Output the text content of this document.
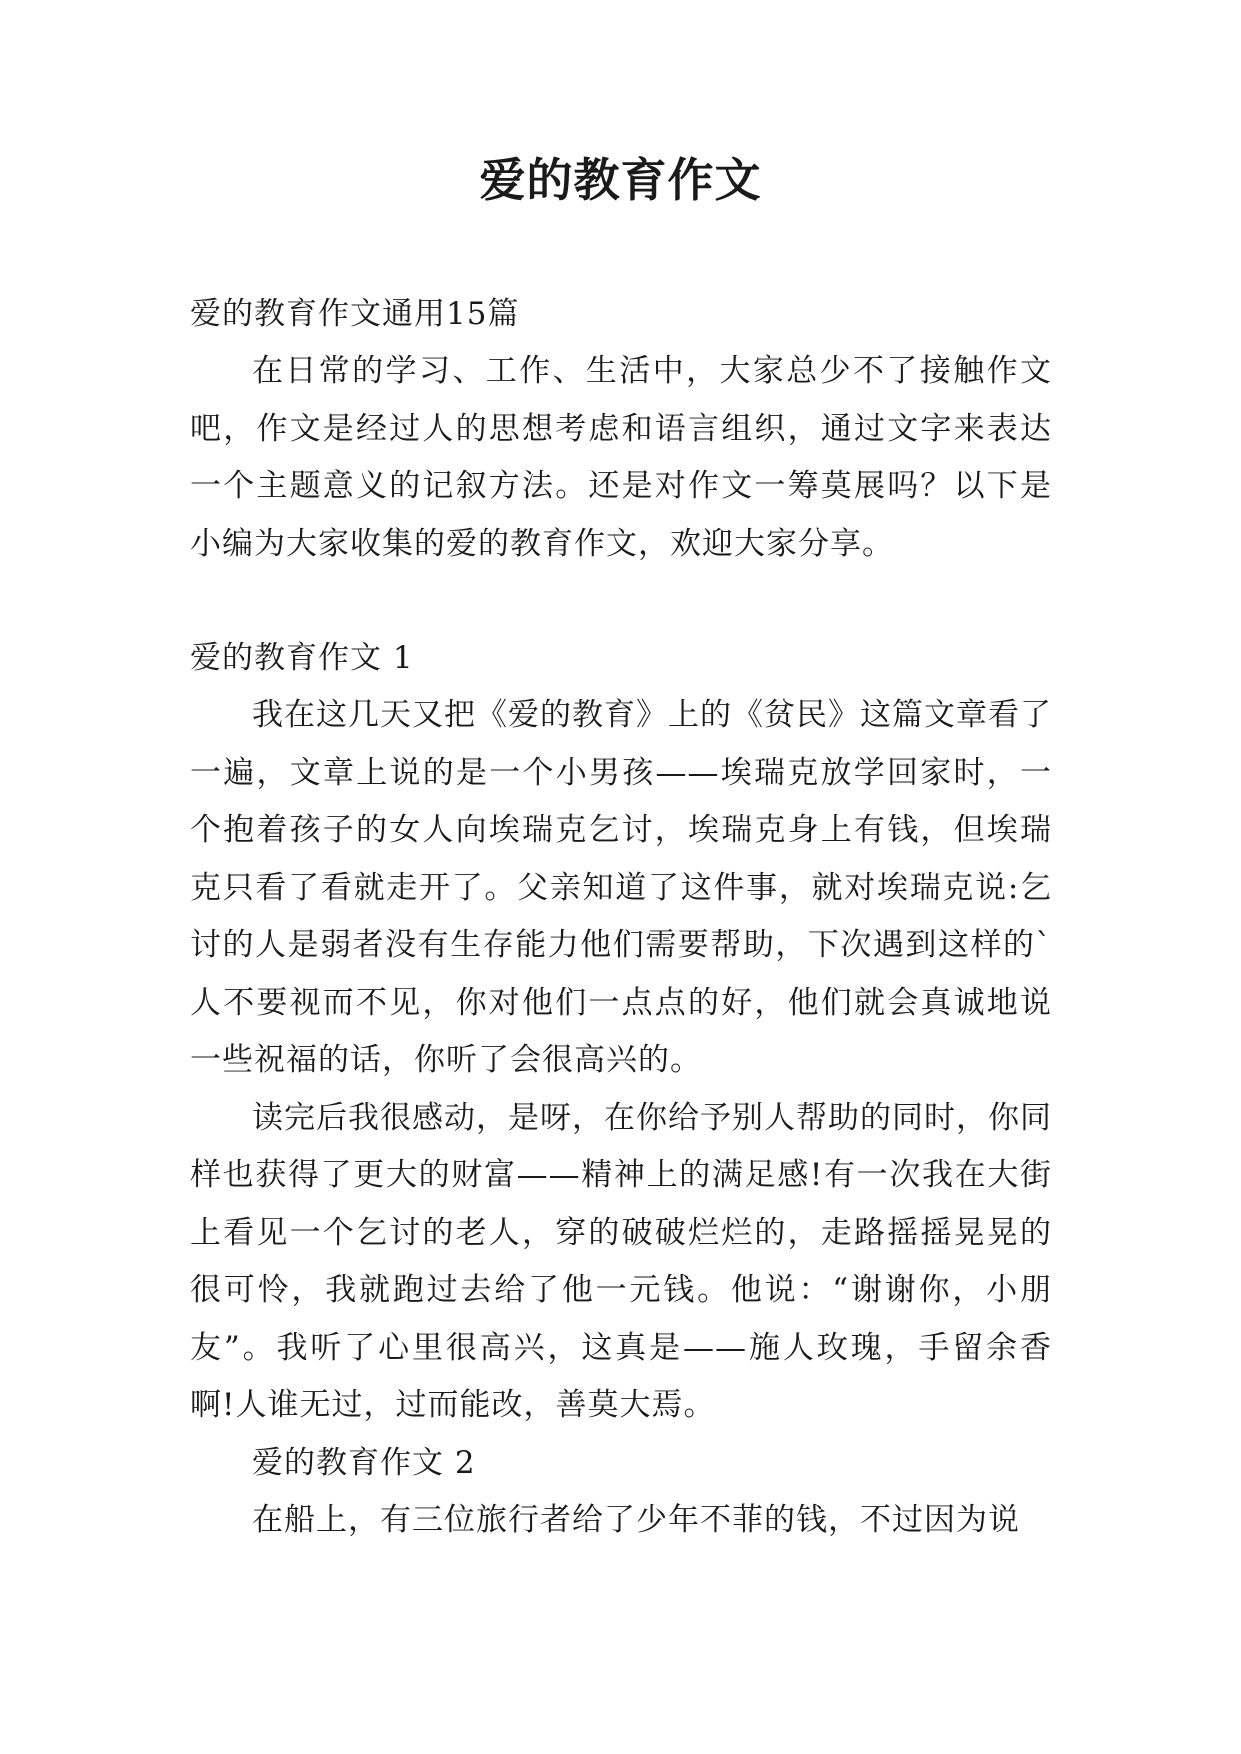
爱的教育作文

爱的教育作文通用15篇

在日常的学习、工作、生活中，大家总少不了接触作文吧，作文是经过人的思想考虑和语言组织，通过文字来表达一个主题意义的记叙方法。还是对作文一筹莫展吗？以下是小编为大家收集的爱的教育作文，欢迎大家分享。

爱的教育作文 1

我在这几天又把《爱的教育》上的《贫民》这篇文章看了一遍，文章上说的是一个小男孩——埃瑞克放学回家时，一个抱着孩子的女人向埃瑞克乞讨，埃瑞克身上有钱，但埃瑞克只看了看就走开了。父亲知道了这件事，就对埃瑞克说:乞讨的人是弱者没有生存能力他们需要帮助，下次遇到这样的`人不要视而不见，你对他们一点点的好，他们就会真诚地说一些祝福的话，你听了会很高兴的。

读完后我很感动，是呀，在你给予别人帮助的同时，你同样也获得了更大的财富——精神上的满足感!有一次我在大街上看见一个乞讨的老人，穿的破破烂烂的，走路摇摇晃晃的很可怜，我就跑过去给了他一元钱。他说：“谢谢你，小朋友”。我听了心里很高兴，这真是——施人玫瑰，手留余香啊!人谁无过，过而能改，善莫大焉。

爱的教育作文 2

在船上，有三位旅行者给了少年不菲的钱，不过因为说
